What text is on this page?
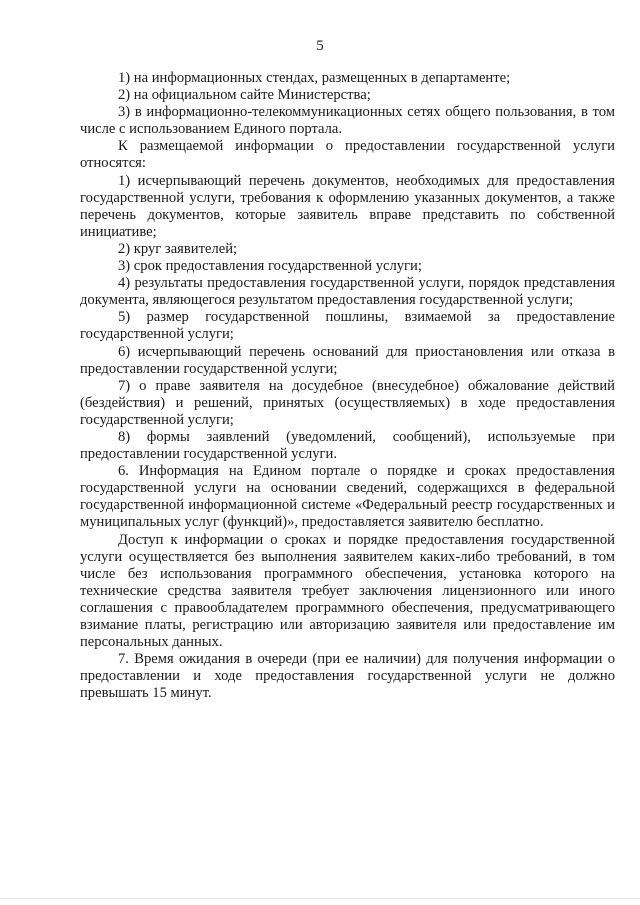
5

1) на информационных стендах, размещенных в департаменте;

2) на официальном сайте Министерства;

3) в информационно-телекоммуникационных сетях общего пользования, в том числе с использованием Единого портала.

К размещаемой информации о предоставлении государственной услуги относятся:

1) исчерпывающий перечень документов, необходимых для предоставления государственной услуги, требования к оформлению указанных документов, а также перечень документов, которые заявитель вправе представить по собственной инициативе;

2) круг заявителей;

3) срок предоставления государственной услуги;

4) результаты предоставления государственной услуги, порядок представления документа, являющегося результатом предоставления государственной услуги;

5) размер государственной пошлины, взимаемой за предоставление государственной услуги;

6) исчерпывающий перечень оснований для приостановления или отказа в предоставлении государственной услуги;

7) о праве заявителя на досудебное (внесудебное) обжалование действий (бездействия) и решений, принятых (осуществляемых) в ходе предоставления государственной услуги;

8) формы заявлений (уведомлений, сообщений), используемые при предоставлении государственной услуги.

6. Информация на Едином портале о порядке и сроках предоставления государственной услуги на основании сведений, содержащихся в федеральной государственной информационной системе «Федеральный реестр государственных и муниципальных услуг (функций)», предоставляется заявителю бесплатно.

Доступ к информации о сроках и порядке предоставления государственной услуги осуществляется без выполнения заявителем каких-либо требований, в том числе без использования программного обеспечения, установка которого на технические средства заявителя требует заключения лицензионного или иного соглашения с правообладателем программного обеспечения, предусматривающего взимание платы, регистрацию или авторизацию заявителя или предоставление им персональных данных.

7. Время ожидания в очереди (при ее наличии) для получения информации о предоставлении и ходе предоставления государственной услуги не должно превышать 15 минут.
